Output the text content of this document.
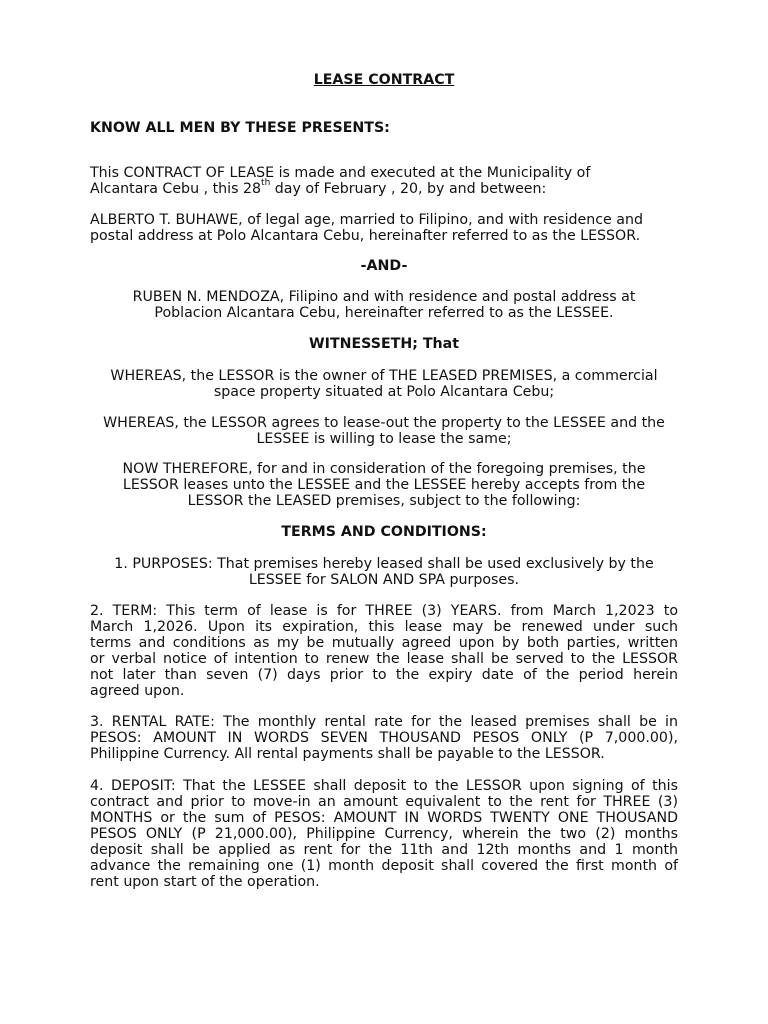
LEASE CONTRACT
KNOW ALL MEN BY THESE PRESENTS:
This CONTRACT OF LEASE is made and executed at the Municipality of
Alcantara Cebu , this 28th day of February , 20, by and between:
ALBERTO T. BUHAWE, of legal age, married to Filipino, and with residence and
postal address at Polo Alcantara Cebu, hereinafter referred to as the LESSOR.
-AND-
RUBEN N. MENDOZA, Filipino and with residence and postal address at
Poblacion Alcantara Cebu, hereinafter referred to as the LESSEE.
WITNESSETH; That
WHEREAS, the LESSOR is the owner of THE LEASED PREMISES, a commercial
space property situated at Polo Alcantara Cebu;
WHEREAS, the LESSOR agrees to lease-out the property to the LESSEE and the
LESSEE is willing to lease the same;
NOW THEREFORE, for and in consideration of the foregoing premises, the
LESSOR leases unto the LESSEE and the LESSEE hereby accepts from the
LESSOR the LEASED premises, subject to the following:
TERMS AND CONDITIONS:
1. PURPOSES: That premises hereby leased shall be used exclusively by the
LESSEE for SALON AND SPA purposes.
2. TERM: This term of lease is for THREE (3) YEARS. from March 1,2023 to
March 1,2026. Upon its expiration, this lease may be renewed under such
terms and conditions as my be mutually agreed upon by both parties, written
or verbal notice of intention to renew the lease shall be served to the LESSOR
not later than seven (7) days prior to the expiry date of the period herein
agreed upon.
3. RENTAL RATE: The monthly rental rate for the leased premises shall be in
PESOS: AMOUNT IN WORDS SEVEN THOUSAND PESOS ONLY (P 7,000.00),
Philippine Currency. All rental payments shall be payable to the LESSOR.
4. DEPOSIT: That the LESSEE shall deposit to the LESSOR upon signing of this
contract and prior to move-in an amount equivalent to the rent for THREE (3)
MONTHS or the sum of PESOS: AMOUNT IN WORDS TWENTY ONE THOUSAND
PESOS ONLY (P 21,000.00), Philippine Currency, wherein the two (2) months
deposit shall be applied as rent for the 11th and 12th months and 1 month
advance the remaining one (1) month deposit shall covered the first month of
rent upon start of the operation.
